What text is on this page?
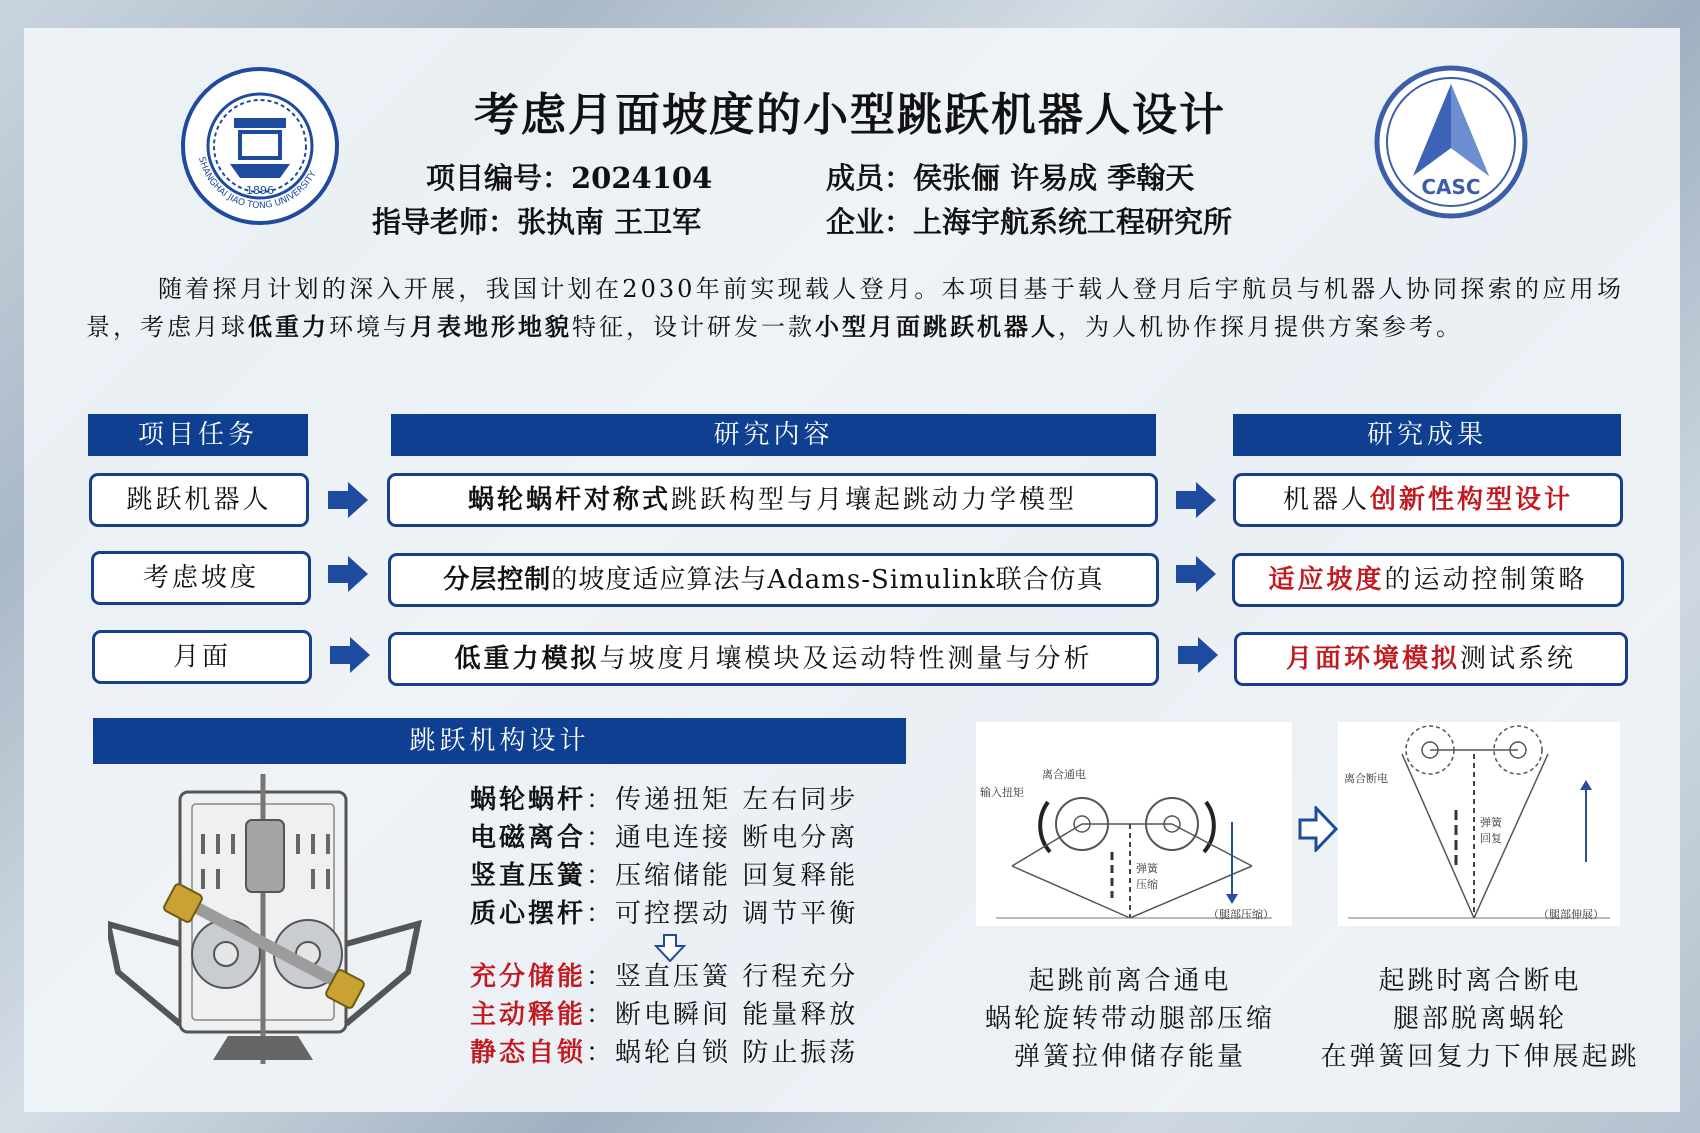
1896
SHANGHAI JIAO TONG UNIVERSITY
CASC
考虑月面坡度的小型跳跃机器人设计
项目编号：2024104	成员：侯张俪 许易成 季翰天
指导老师：张执南 王卫军	企业：上海宇航系统工程研究所
随着探月计划的深入开展，我国计划在2030年前实现载人登月。本项目基于载人登月后宇航员与机器人协同探索的应用场景，考虑月球低重力环境与月表地形地貌特征，设计研发一款小型月面跳跃机器人，为人机协作探月提供方案参考。
项目任务	研究内容	研究成果
跳跃机器人	蜗轮蜗杆对称式跳跃构型与月壤起跳动力学模型	机器人创新性构型设计
考虑坡度	分层控制的坡度适应算法与Adams-Simulink联合仿真	适应坡度的运动控制策略
月面	低重力模拟与坡度月壤模块及运动特性测量与分析	月面环境模拟测试系统
跳跃机构设计
蜗轮蜗杆：传递扭矩 左右同步
电磁离合：通电连接 断电分离
竖直压簧：压缩储能 回复释能
质心摆杆：可控摆动 调节平衡
充分储能：竖直压簧 行程充分
主动释能：断电瞬间 能量释放
静态自锁：蜗轮自锁 防止振荡
离合通电
输入扭矩
弹簧
压缩
（腿部压缩）
离合断电
弹簧
回复
（腿部伸展）
起跳前离合通电
蜗轮旋转带动腿部压缩
弹簧拉伸储存能量
起跳时离合断电
腿部脱离蜗轮
在弹簧回复力下伸展起跳
